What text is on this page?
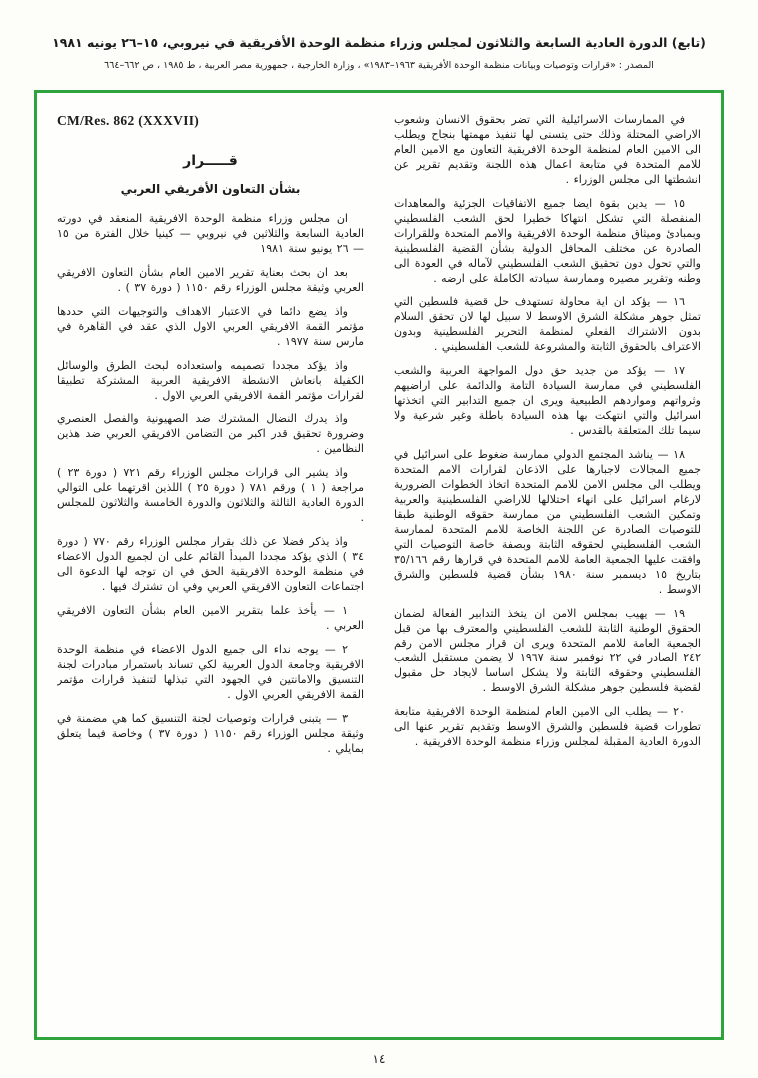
(تابع) الدورة العادية السابعة والثلاثون لمجلس وزراء منظمة الوحدة الأفريقية في نيروبي، ١٥–٢٦ يونيه ١٩٨١
المصدر : «قرارات وتوصيات وبيانات منظمة الوحدة الأفريقية ١٩٦٣–١٩٨٣» ، وزارة الخارجية ، جمهورية مصر العربية ، ط ١٩٨٥ ، ص ٦٦٢–٦٦٤

في الممارسات الاسرائيلية التي تضر بحقوق الانسان وشعوب الاراضي المحتلة وذلك حتى يتسنى لها تنفيذ مهمتها بنجاح ويطلب الى الامين العام لمنظمة الوحدة الافريقية التعاون مع الامين العام للامم المتحدة في متابعة اعمال هذه اللجنة وتقديم تقرير عن انشطتها الى مجلس الوزراء .

١٥ — يدين بقوة ايضا جميع الاتفاقيات الجزئية والمعاهدات المنفصلة التي تشكل انتهاكا خطيرا لحق الشعب الفلسطيني وبمبادئ وميثاق منظمة الوحدة الافريقية والامم المتحدة وللقرارات الصادرة عن مختلف المحافل الدولية بشأن القضية الفلسطينية والتي تحول دون تحقيق الشعب الفلسطيني لآماله في العودة الى وطنه وتقرير مصيره وممارسة سيادته الكاملة على ارضه .

١٦ — يؤكد ان اية محاولة تستهدف حل قضية فلسطين التي تمثل جوهر مشكلة الشرق الاوسط لا سبيل لها لان تحقق السلام بدون الاشتراك الفعلي لمنظمة التحرير الفلسطينية وبدون الاعتراف بالحقوق الثابتة والمشروعة للشعب الفلسطيني .

١٧ — يؤكد من جديد حق دول المواجهة العربية والشعب الفلسطيني في ممارسة السيادة التامة والدائمة على اراضيهم وثرواتهم ومواردهم الطبيعية ويرى ان جميع التدابير التي اتخذتها اسرائيل والتي انتهكت بها هذه السيادة باطلة وغير شرعية ولا سيما تلك المتعلقة بالقدس .

١٨ — يناشد المجتمع الدولي ممارسة ضغوط على اسرائيل في جميع المجالات لاجبارها على الاذعان لقرارات الامم المتحدة ويطلب الى مجلس الامن للامم المتحدة اتخاذ الخطوات الضرورية لارغام اسرائيل على انهاء احتلالها للاراضي الفلسطينية والعربية وتمكين الشعب الفلسطيني من ممارسة حقوقه الوطنية طبقا للتوصيات الصادرة عن اللجنة الخاصة للامم المتحدة لممارسة الشعب الفلسطيني لحقوقه الثابتة وبصفة خاصة التوصيات التي وافقت عليها الجمعية العامة للامم المتحدة في قرارها رقم ٣٥/١٦٦ بتاريخ ١٥ ديسمبر سنة ١٩٨٠ بشأن قضية فلسطين والشرق الاوسط .

١٩ — يهيب بمجلس الامن ان يتخذ التدابير الفعالة لضمان الحقوق الوطنية الثابتة للشعب الفلسطيني والمعترف بها من قبل الجمعية العامة للامم المتحدة ويرى ان قرار مجلس الامن رقم ٢٤٢ الصادر في ٢٢ نوفمبر سنة ١٩٦٧ لا يضمن مستقبل الشعب الفلسطيني وحقوقه الثابتة ولا يشكل اساسا لايجاد حل مقبول لقضية فلسطين جوهر مشكلة الشرق الاوسط .

٢٠ — يطلب الى الامين العام لمنظمة الوحدة الافريقية متابعة تطورات قضية فلسطين والشرق الاوسط وتقديم تقرير عنها الى الدورة العادية المقبلة لمجلس وزراء منظمة الوحدة الافريقية .

CM/Res. 862 (XXXVII)
قـــــرار
بشأن التعاون الأفريقي العربي

ان مجلس وزراء منظمة الوحدة الافريقية المنعقد في دورته العادية السابعة والثلاثين في نيروبي — كينيا خلال الفترة من ١٥ — ٢٦ يونيو سنة ١٩٨١

بعد ان بحث بعناية تقرير الامين العام بشأن التعاون الافريقي العربي وثيقة مجلس الوزراء رقم ١١٥٠ ( دورة ٣٧ ) .

واذ يضع دائما في الاعتبار الاهداف والتوجيهات التي حددها مؤتمر القمة الافريقي العربي الاول الذي عقد في القاهرة في مارس سنة ١٩٧٧ .

واذ يؤكد مجددا تصميمه واستعداده لبحث الطرق والوسائل الكفيلة بانعاش الانشطة الافريقية العربية المشتركة تطبيقا لقرارات مؤتمر القمة الافريقي العربي الاول .

واذ يدرك النضال المشترك ضد الصهيونية والفصل العنصري وضرورة تحقيق قدر اكبر من التضامن الافريقي العربي ضد هذين النظامين .

واذ يشير الى قرارات مجلس الوزراء رقم ٧٢١ ( دورة ٢٣ ) مراجعة ( ١ ) ورقم ٧٨١ ( دورة ٢٥ ) اللذين اقرتهما على التوالي الدورة العادية الثالثة والثلاثون والدورة الخامسة والثلاثون للمجلس .

واذ يذكر فضلا عن ذلك بقرار مجلس الوزراء رقم ٧٧٠ ( دورة ٣٤ ) الذي يؤكد مجددا المبدأ القائم على ان لجميع الدول الاعضاء في منظمة الوحدة الافريقية الحق في ان توجه لها الدعوة الى اجتماعات التعاون الافريقي العربي وفي ان تشترك فيها .

١ — يأخذ علما بتقرير الامين العام بشأن التعاون الافريقي العربي .

٢ — يوجه نداء الى جميع الدول الاعضاء في منظمة الوحدة الافريقية وجامعة الدول العربية لكي تساند باستمرار مبادرات لجنة التنسيق والامانتين في الجهود التي تبذلها لتنفيذ قرارات مؤتمر القمة الافريقي العربي الاول .

٣ — يتبنى قرارات وتوصيات لجنة التنسيق كما هي مضمنة في وثيقة مجلس الوزراء رقم ١١٥٠ ( دورة ٣٧ ) وخاصة فيما يتعلق بمايلي .

١٤
